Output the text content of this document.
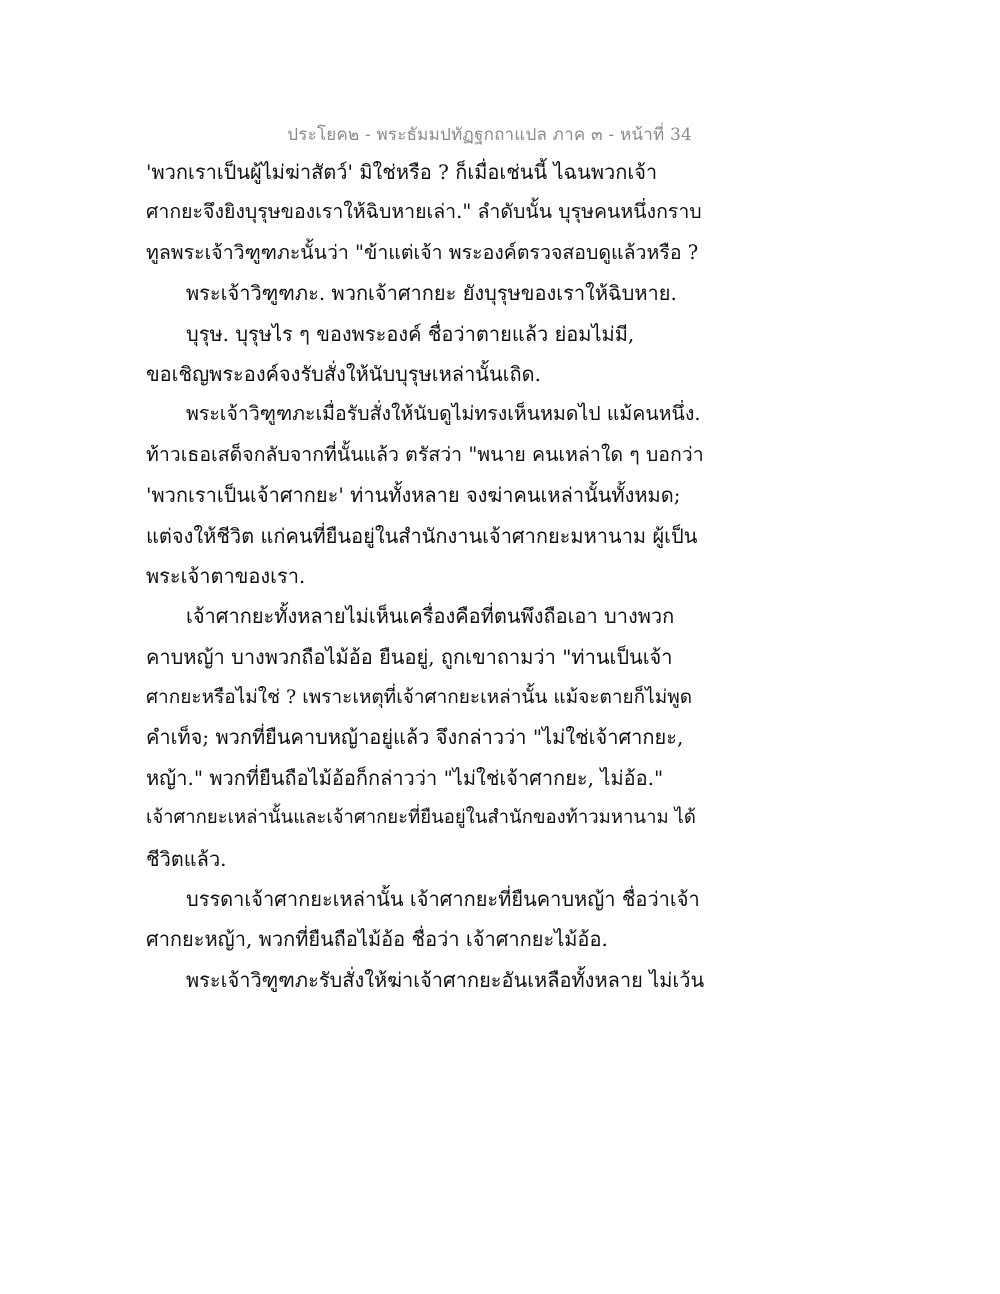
ประโยค๒ - พระธัมมปทัฏฐกถาแปล ภาค ๓ - หน้าที่ 34
'พวกเราเป็นผู้ไม่ฆ่าสัตว์' มิใช่หรือ ? ก็เมื่อเช่นนี้ ไฉนพวกเจ้า
ศากยะจึงยิงบุรุษของเราให้ฉิบหายเล่า." ลำดับนั้น บุรุษคนหนึ่งกราบ
ทูลพระเจ้าวิฑูฑภะนั้นว่า "ข้าแต่เจ้า พระองค์ตรวจสอบดูแล้วหรือ ?
พระเจ้าวิฑูฑภะ. พวกเจ้าศากยะ ยังบุรุษของเราให้ฉิบหาย.
บุรุษ. บุรุษไร ๆ ของพระองค์ ชื่อว่าตายแล้ว ย่อมไม่มี,
ขอเชิญพระองค์จงรับสั่งให้นับบุรุษเหล่านั้นเถิด.
พระเจ้าวิฑูฑภะเมื่อรับสั่งให้นับดูไม่ทรงเห็นหมดไป แม้คนหนึ่ง.
ท้าวเธอเสด็จกลับจากที่นั้นแล้ว ตรัสว่า "พนาย คนเหล่าใด ๆ บอกว่า
'พวกเราเป็นเจ้าศากยะ' ท่านทั้งหลาย จงฆ่าคนเหล่านั้นทั้งหมด;
แต่จงให้ชีวิต แก่คนที่ยืนอยู่ในสำนักงานเจ้าศากยะมหานาม ผู้เป็น
พระเจ้าตาของเรา.
เจ้าศากยะทั้งหลายไม่เห็นเครื่องคือที่ตนพึงถือเอา บางพวก
คาบหญ้า บางพวกถือไม้อ้อ ยืนอยู่, ถูกเขาถามว่า "ท่านเป็นเจ้า
ศากยะหรือไม่ใช่ ? เพราะเหตุที่เจ้าศากยะเหล่านั้น แม้จะตายก็ไม่พูด
คำเท็จ; พวกที่ยืนคาบหญ้าอยู่แล้ว จึงกล่าวว่า "ไม่ใช่เจ้าศากยะ,
หญ้า." พวกที่ยืนถือไม้อ้อก็กล่าวว่า "ไม่ใช่เจ้าศากยะ, ไม่อ้อ."
เจ้าศากยะเหล่านั้นและเจ้าศากยะที่ยืนอยู่ในสำนักของท้าวมหานาม ได้
ชีวิตแล้ว.
บรรดาเจ้าศากยะเหล่านั้น เจ้าศากยะที่ยืนคาบหญ้า ชื่อว่าเจ้า
ศากยะหญ้า, พวกที่ยืนถือไม้อ้อ ชื่อว่า เจ้าศากยะไม้อ้อ.
พระเจ้าวิฑูฑภะรับสั่งให้ฆ่าเจ้าศากยะอันเหลือทั้งหลาย ไม่เว้น
